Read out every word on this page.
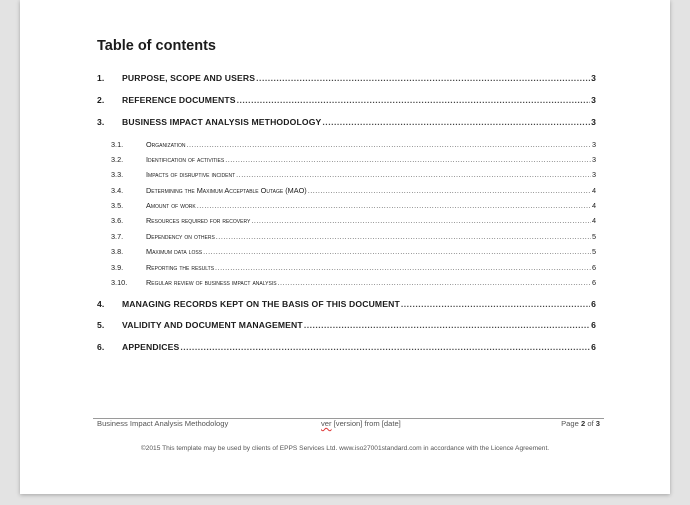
Table of contents
1.	PURPOSE, SCOPE AND USERS .....	3
2.	REFERENCE DOCUMENTS .....	3
3.	BUSINESS IMPACT ANALYSIS METHODOLOGY .....	3
3.1.	Organization .....	3
3.2.	Identification of activities .....	3
3.3.	Impacts of disruptive incident .....	3
3.4.	Determining the Maximum Acceptable Outage (MAO) .....	4
3.5.	Amount of work .....	4
3.6.	Resources required for recovery .....	4
3.7.	Dependency on others .....	5
3.8.	Maximum data loss .....	5
3.9.	Reporting the results .....	6
3.10.	Regular review of business impact analysis .....	6
4.	MANAGING RECORDS KEPT ON THE BASIS OF THIS DOCUMENT .....	6
5.	VALIDITY AND DOCUMENT MANAGEMENT .....	6
6.	APPENDICES .....	6
Business Impact Analysis Methodology	ver [version] from [date]	Page 2 of 3
©2015 This template may be used by clients of EPPS Services Ltd. www.iso27001standard.com in accordance with the Licence Agreement.
